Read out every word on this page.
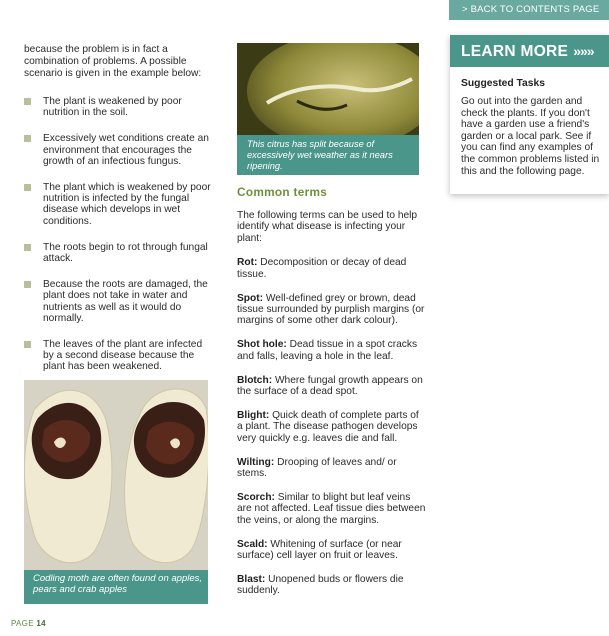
> BACK TO CONTENTS PAGE

because the problem is in fact a combination of problems. A possible scenario is given in the example below:

The plant is weakened by poor nutrition in the soil.
Excessively wet conditions create an environment that encourages the growth of an infectious fungus.
The plant which is weakened by poor nutrition is infected by the fungal disease which develops in wet conditions.
The roots begin to rot through fungal attack.
Because the roots are damaged, the plant does not take in water and nutrients as well as it would do normally.
The leaves of the plant are infected by a second disease because the plant has been weakened.

Codling moth are often found on apples, pears and crab apples

This citrus has split because of excessively wet weather as it nears ripening.

Common terms

The following terms can be used to help identify what disease is infecting your plant:

Rot: Decomposition or decay of dead tissue.

Spot: Well-defined grey or brown, dead tissue surrounded by purplish margins (or margins of some other dark colour).

Shot hole: Dead tissue in a spot cracks and falls, leaving a hole in the leaf.

Blotch: Where fungal growth appears on the surface of a dead spot.

Blight: Quick death of complete parts of a plant. The disease pathogen develops very quickly e.g. leaves die and fall.

Wilting: Drooping of leaves and/ or stems.

Scorch: Similar to blight but leaf veins are not affected. Leaf tissue dies between the veins, or along the margins.

Scald: Whitening of surface (or near surface) cell layer on fruit or leaves.

Blast: Unopened buds or flowers die suddenly.

LEARN MORE »»»

Suggested Tasks

Go out into the garden and check the plants. If you don't have a garden use a friend's garden or a local park. See if you can find any examples of the common problems listed in this and the following page.

PAGE 14
